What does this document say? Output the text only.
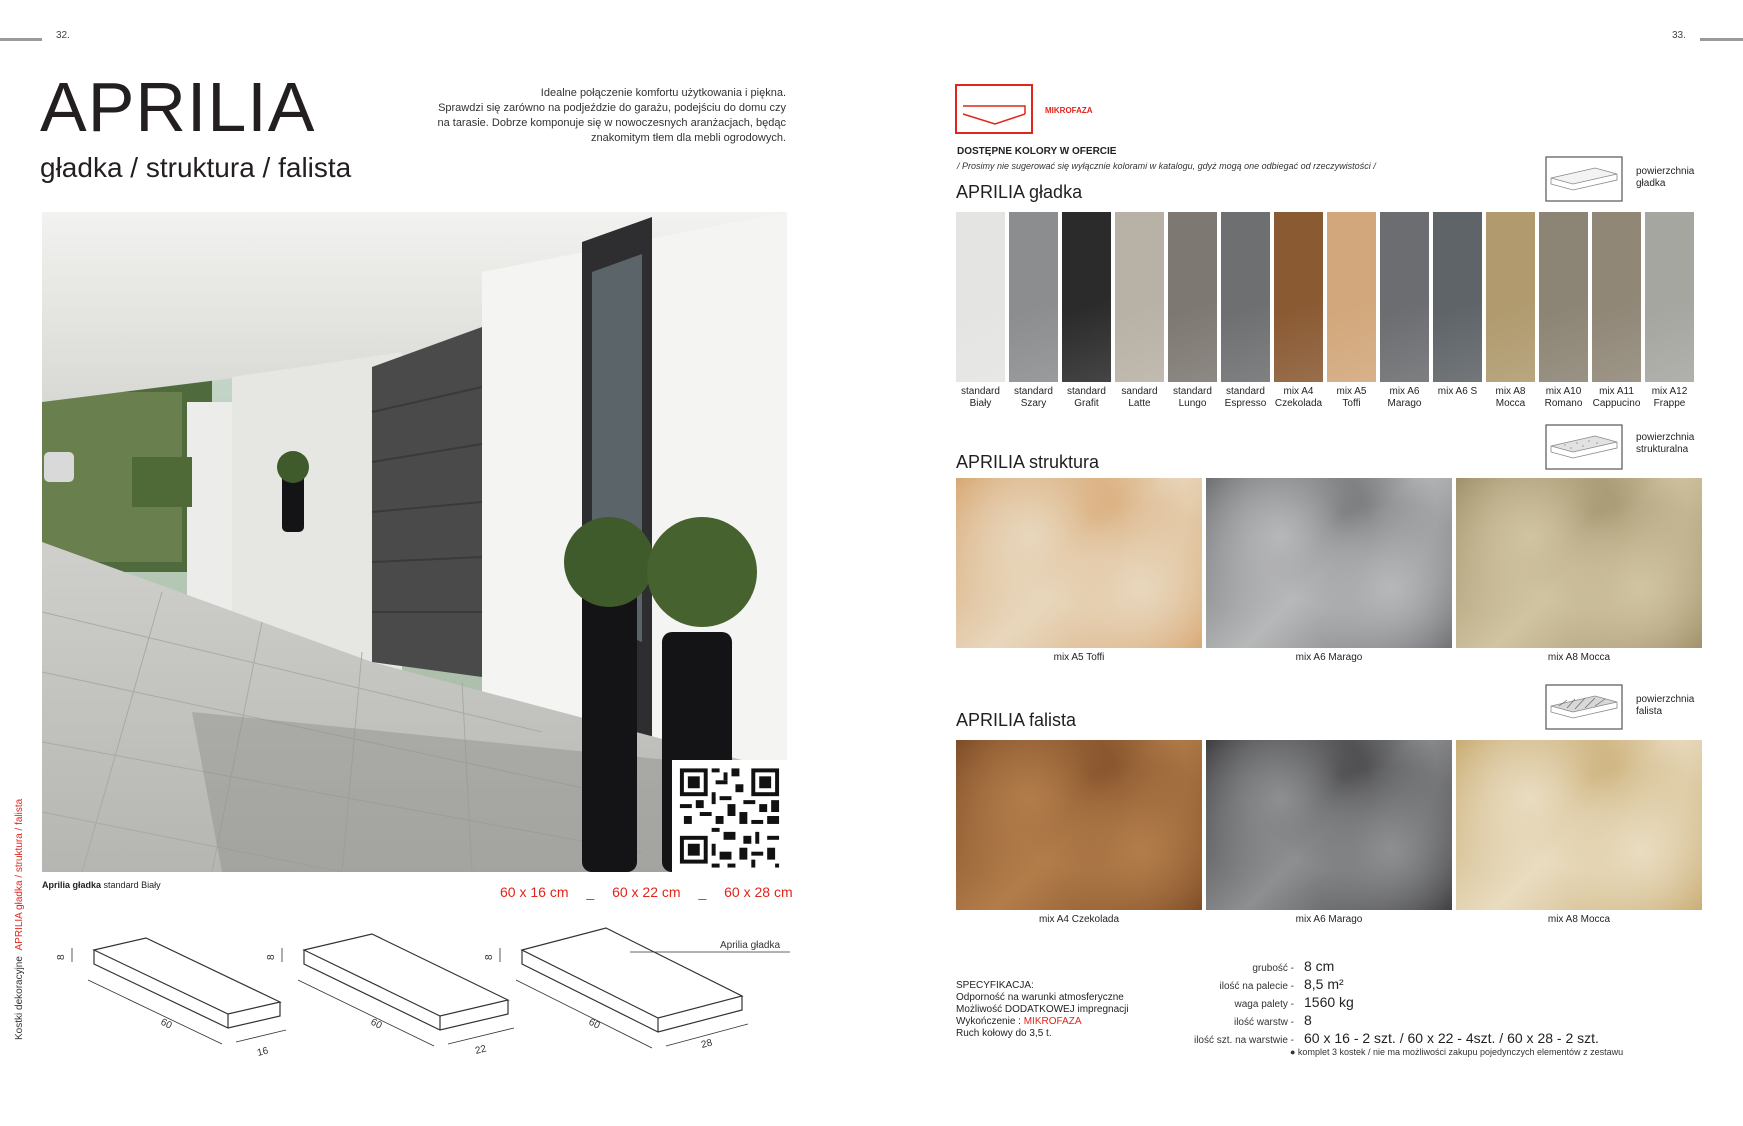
32.	33.
APRILIA
gładka / struktura / falista
Idealne połączenie komfortu użytkowania i piękna.
Sprawdzi się zarówno na podjeździe do garażu, podejściu do domu czy
na tarasie. Dobrze komponuje się w nowoczesnych aranżacjach, będąc
znakomitym tłem dla mebli ogrodowych.
Aprilia gładka standard Biały	60 x 16 cm _ 60 x 22 cm _ 60 x 28 cm
Kostki dekoracyjne  APRILIA gładka / struktura / falista
8
60
16
8
60
22
8
60
28
Aprilia gładka
MIKROFAZA
DOSTĘPNE KOLORY W OFERCIE
/ Prosimy nie sugerować się wyłącznie kolorami w katalogu, gdyż mogą one odbiegać od rzeczywistości /
APRILIA gładka
powierzchnia
gładka
standard
Biały
standard
Szary
standard
Grafit
sandard
Latte
standard
Lungo
standard
Espresso
mix A4
Czekolada
mix A5
Toffi
mix A6
Marago
mix A6 S mix A8
Mocca
mix A10
Romano
mix A11
Cappucino
mix A12
Frappe
APRILIA struktura
powierzchnia
strukturalna
mix A5 Toffi	mix A6 Marago	mix A8 Mocca
APRILIA falista
powierzchnia
falista
mix A4 Czekolada	mix A6 Marago	mix A8 Mocca
SPECYFIKACJA:
Odporność na warunki atmosferyczne
Możliwość DODATKOWEJ impregnacji
Wykończenie : MIKROFAZA
Ruch kołowy do 3,5 t.
grubość - 8 cm
ilość na palecie - 8,5 m²
waga palety - 1560 kg
ilość warstw - 8
ilość szt. na warstwie - 60 x 16 - 2 szt. / 60 x 22 - 4szt. / 60 x 28 - 2 szt.
● komplet 3 kostek / nie ma możliwości zakupu pojedynczych elementów z zestawu
